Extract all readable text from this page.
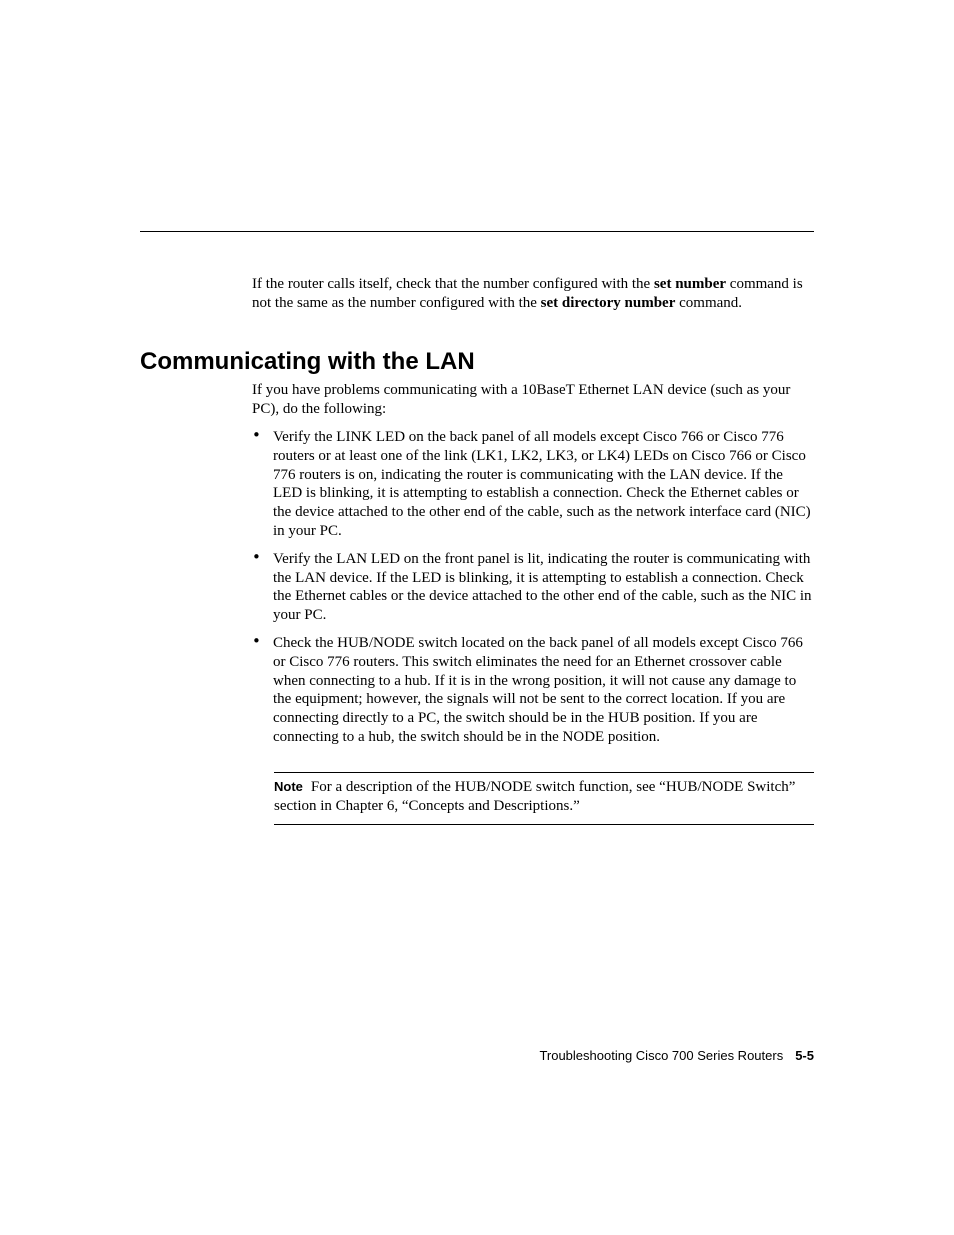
If the router calls itself, check that the number configured with the set number command is not the same as the number configured with the set directory number command.

Communicating with the LAN

If you have problems communicating with a 10BaseT Ethernet LAN device (such as your PC), do the following:

• Verify the LINK LED on the back panel of all models except Cisco 766 or Cisco 776 routers or at least one of the link (LK1, LK2, LK3, or LK4) LEDs on Cisco 766 or Cisco 776 routers is on, indicating the router is communicating with the LAN device. If the LED is blinking, it is attempting to establish a connection. Check the Ethernet cables or the device attached to the other end of the cable, such as the network interface card (NIC) in your PC.
• Verify the LAN LED on the front panel is lit, indicating the router is communicating with the LAN device. If the LED is blinking, it is attempting to establish a connection. Check the Ethernet cables or the device attached to the other end of the cable, such as the NIC in your PC.
• Check the HUB/NODE switch located on the back panel of all models except Cisco 766 or Cisco 776 routers. This switch eliminates the need for an Ethernet crossover cable when connecting to a hub. If it is in the wrong position, it will not cause any damage to the equipment; however, the signals will not be sent to the correct location. If you are connecting directly to a PC, the switch should be in the HUB position. If you are connecting to a hub, the switch should be in the NODE position.

Note For a description of the HUB/NODE switch function, see “HUB/NODE Switch” section in Chapter 6, “Concepts and Descriptions.”

Troubleshooting Cisco 700 Series Routers 5-5
